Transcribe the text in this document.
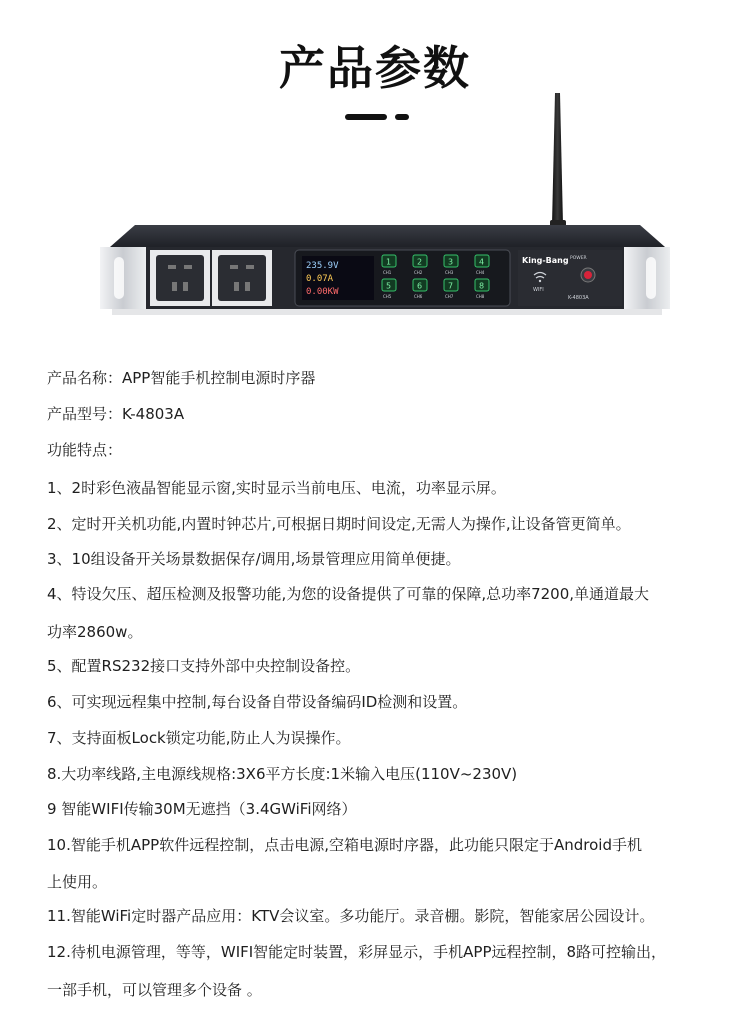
产品参数
235.9V
0.07A
0.00KW
1
CH1
2
CH2
3
CH3
4
CH4
5
CH5
6
CH6
7
CH7
8
CH8
King-Bang
WIFI
POWER
K-4803A
产品名称：APP智能手机控制电源时序器
产品型号：K-4803A
功能特点：
1、2时彩色液晶智能显示窗,实时显示当前电压、电流，功率显示屏。
2、定时开关机功能,内置时钟芯片,可根据日期时间设定,无需人为操作,让设备管更简单。
3、10组设备开关场景数据保存/调用,场景管理应用简单便捷。
4、特设欠压、超压检测及报警功能,为您的设备提供了可靠的保障,总功率7200,单通道最大
功率2860w。
5、配置RS232接口支持外部中央控制设备控。
6、可实现远程集中控制,每台设备自带设备编码ID检测和设置。
7、支持面板Lock锁定功能,防止人为误操作。
8.大功率线路,主电源线规格:3X6平方长度:1米输入电压(110V~230V)
9 智能WIFI传输30M无遮挡（3.4GWiFi网络）
10.智能手机APP软件远程控制，点击电源,空箱电源时序器，此功能只限定于Android手机
上使用。
11.智能WiFi定时器产品应用：KTV会议室。多功能厅。录音棚。影院，智能家居公园设计。
12.待机电源管理，等等，WIFI智能定时装置，彩屏显示，手机APP远程控制，8路可控输出，
一部手机，可以管理多个设备 。
